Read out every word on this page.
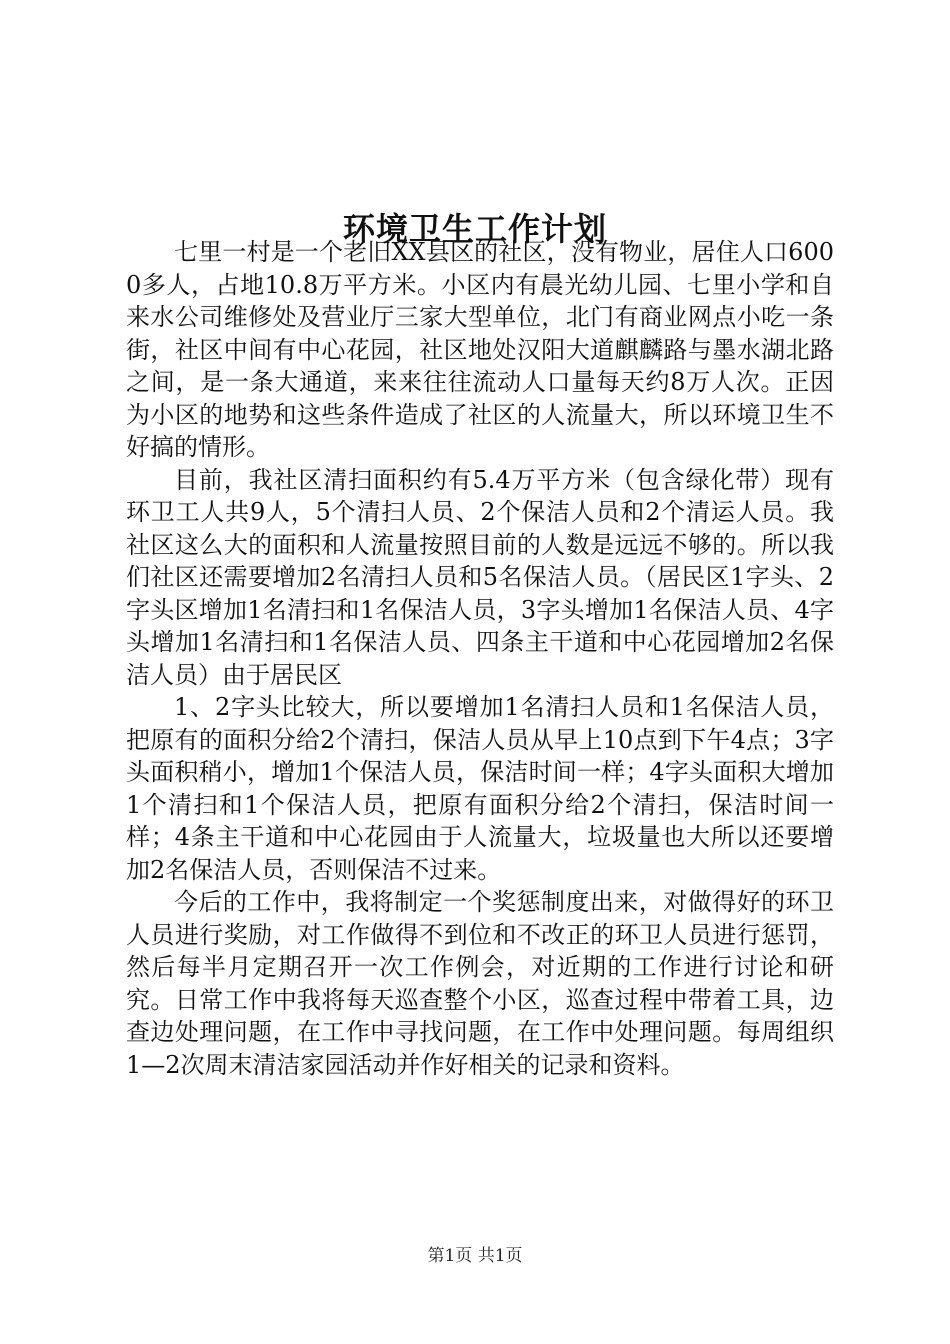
环境卫生工作计划

七里一村是一个老旧XX县区的社区，没有物业，居住人口6000多人，占地10.8万平方米。小区内有晨光幼儿园、七里小学和自来水公司维修处及营业厅三家大型单位，北门有商业网点小吃一条街，社区中间有中心花园，社区地处汉阳大道麒麟路与墨水湖北路之间，是一条大通道，来来往往流动人口量每天约8万人次。正因为小区的地势和这些条件造成了社区的人流量大，所以环境卫生不好搞的情形。

目前，我社区清扫面积约有5.4万平方米（包含绿化带）现有环卫工人共9人，5个清扫人员、2个保洁人员和2个清运人员。我社区这么大的面积和人流量按照目前的人数是远远不够的。所以我们社区还需要增加2名清扫人员和5名保洁人员。（居民区1字头、2字头区增加1名清扫和1名保洁人员，3字头增加1名保洁人员、4字头增加1名清扫和1名保洁人员、四条主干道和中心花园增加2名保洁人员）由于居民区

1、2字头比较大，所以要增加1名清扫人员和1名保洁人员，把原有的面积分给2个清扫，保洁人员从早上10点到下午4点；3字头面积稍小，增加1个保洁人员，保洁时间一样；4字头面积大增加1个清扫和1个保洁人员，把原有面积分给2个清扫，保洁时间一样；4条主干道和中心花园由于人流量大，垃圾量也大所以还要增加2名保洁人员，否则保洁不过来。

今后的工作中，我将制定一个奖惩制度出来，对做得好的环卫人员进行奖励，对工作做得不到位和不改正的环卫人员进行惩罚，然后每半月定期召开一次工作例会，对近期的工作进行讨论和研究。日常工作中我将每天巡查整个小区，巡查过程中带着工具，边查边处理问题，在工作中寻找问题，在工作中处理问题。每周组织1—2次周末清洁家园活动并作好相关的记录和资料。

第1页 共1页
